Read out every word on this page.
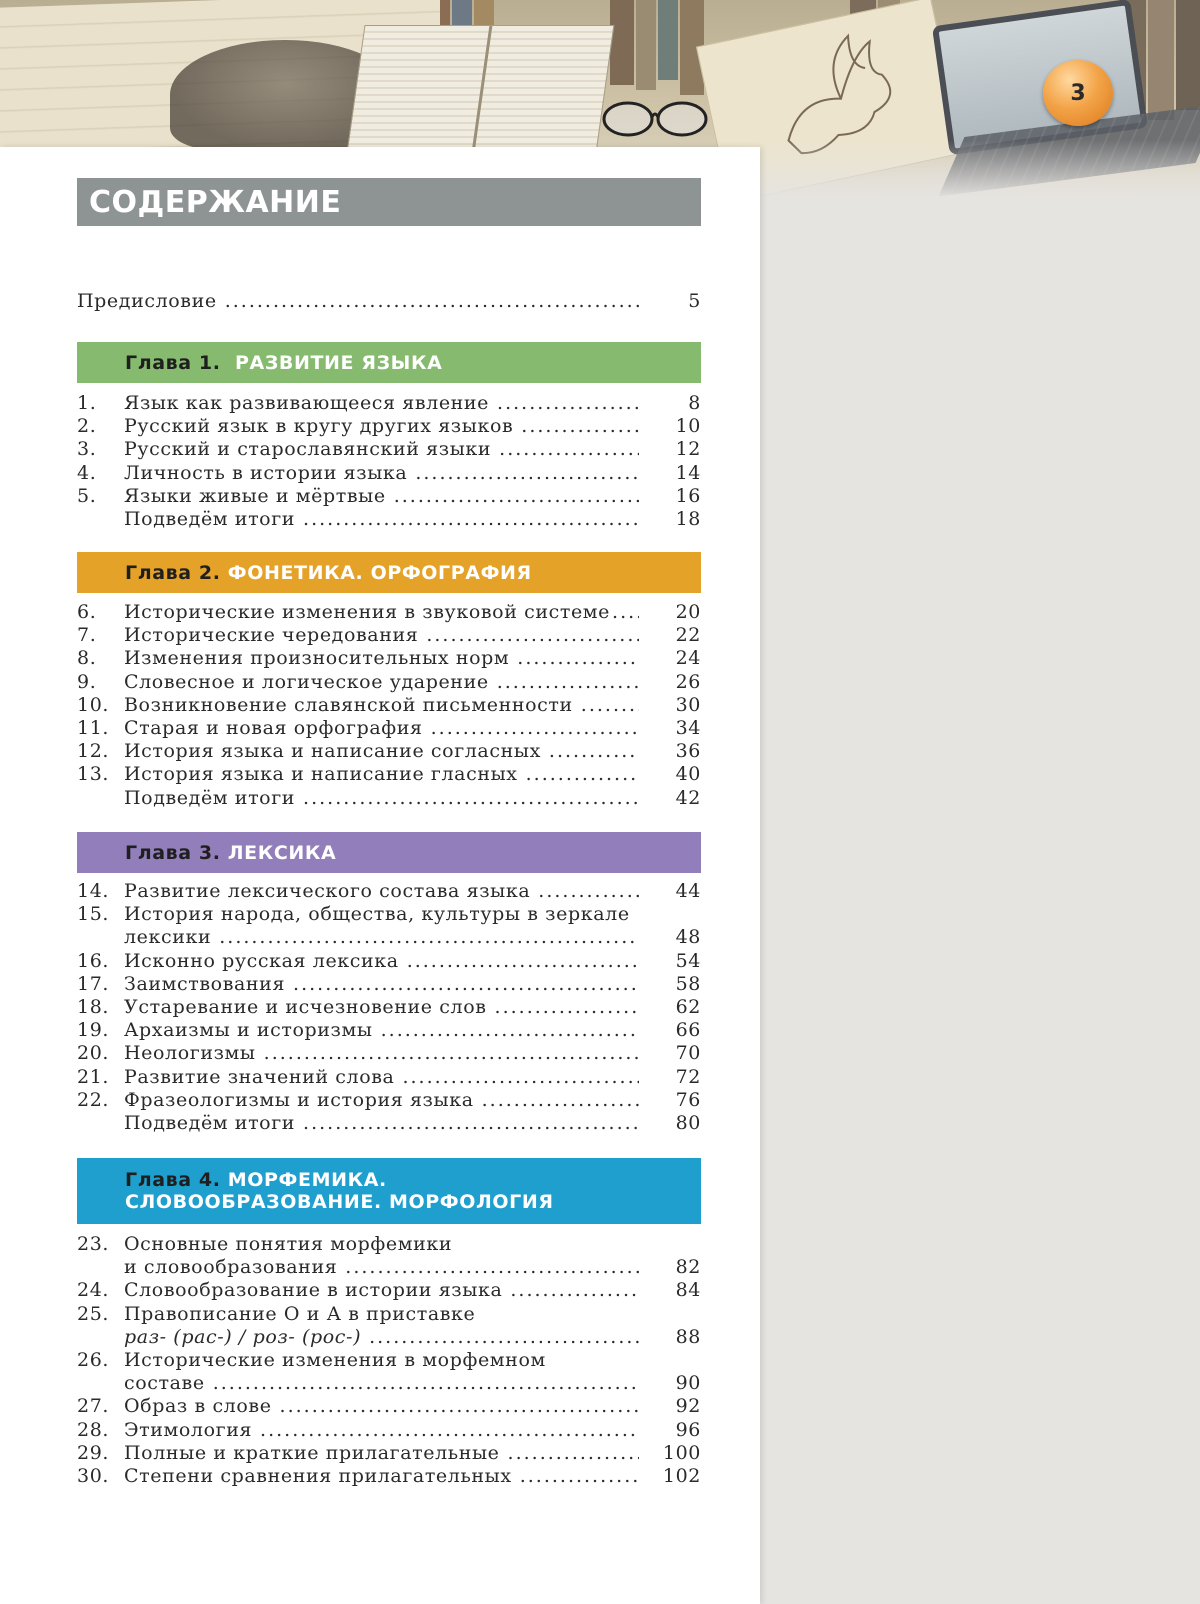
3
СОДЕРЖАНИЕ
Предисловие .....	5
Глава 1. РАЗВИТИЕ ЯЗЫКА
1.	Язык как развивающееся явление .....	8
2.	Русский язык в кругу других языков .....	10
3.	Русский и старославянский языки .....	12
4.	Личность в истории языка .....	14
5.	Языки живые и мёртвые .....	16
Подведём итоги .....	18
Глава 2. ФОНЕТИКА. ОРФОГРАФИЯ
6.	Исторические изменения в звуковой системе .....	20
7.	Исторические чередования .....	22
8.	Изменения произносительных норм .....	24
9.	Словесное и логическое ударение .....	26
10. Возникновение славянской письменности .....	30
11. Старая и новая орфография .....	34
12. История языка и написание согласных .....	36
13. История языка и написание гласных .....	40
Подведём итоги .....	42
Глава 3. ЛЕКСИКА
14. Развитие лексического состава языка .....	44
15. История народа, общества, культуры в зеркале
лексики .....	48
16. Исконно русская лексика .....	54
17. Заимствования .....	58
18. Устаревание и исчезновение слов .....	62
19. Архаизмы и историзмы .....	66
20. Неологизмы .....	70
21. Развитие значений слова .....	72
22. Фразеологизмы и история языка .....	76
Подведём итоги .....	80
Глава 4. МОРФЕМИКА.
СЛОВООБРАЗОВАНИЕ. МОРФОЛОГИЯ
23. Основные понятия морфемики
и словообразования .....	82
24. Словообразование в истории языка .....	84
25. Правописание О и А в приставке
раз- (рас-) / роз- (рос-) .....	88
26. Исторические изменения в морфемном
составе .....	90
27. Образ в слове .....	92
28. Этимология .....	96
29. Полные и краткие прилагательные .....	100
30. Степени сравнения прилагательных .....	102
